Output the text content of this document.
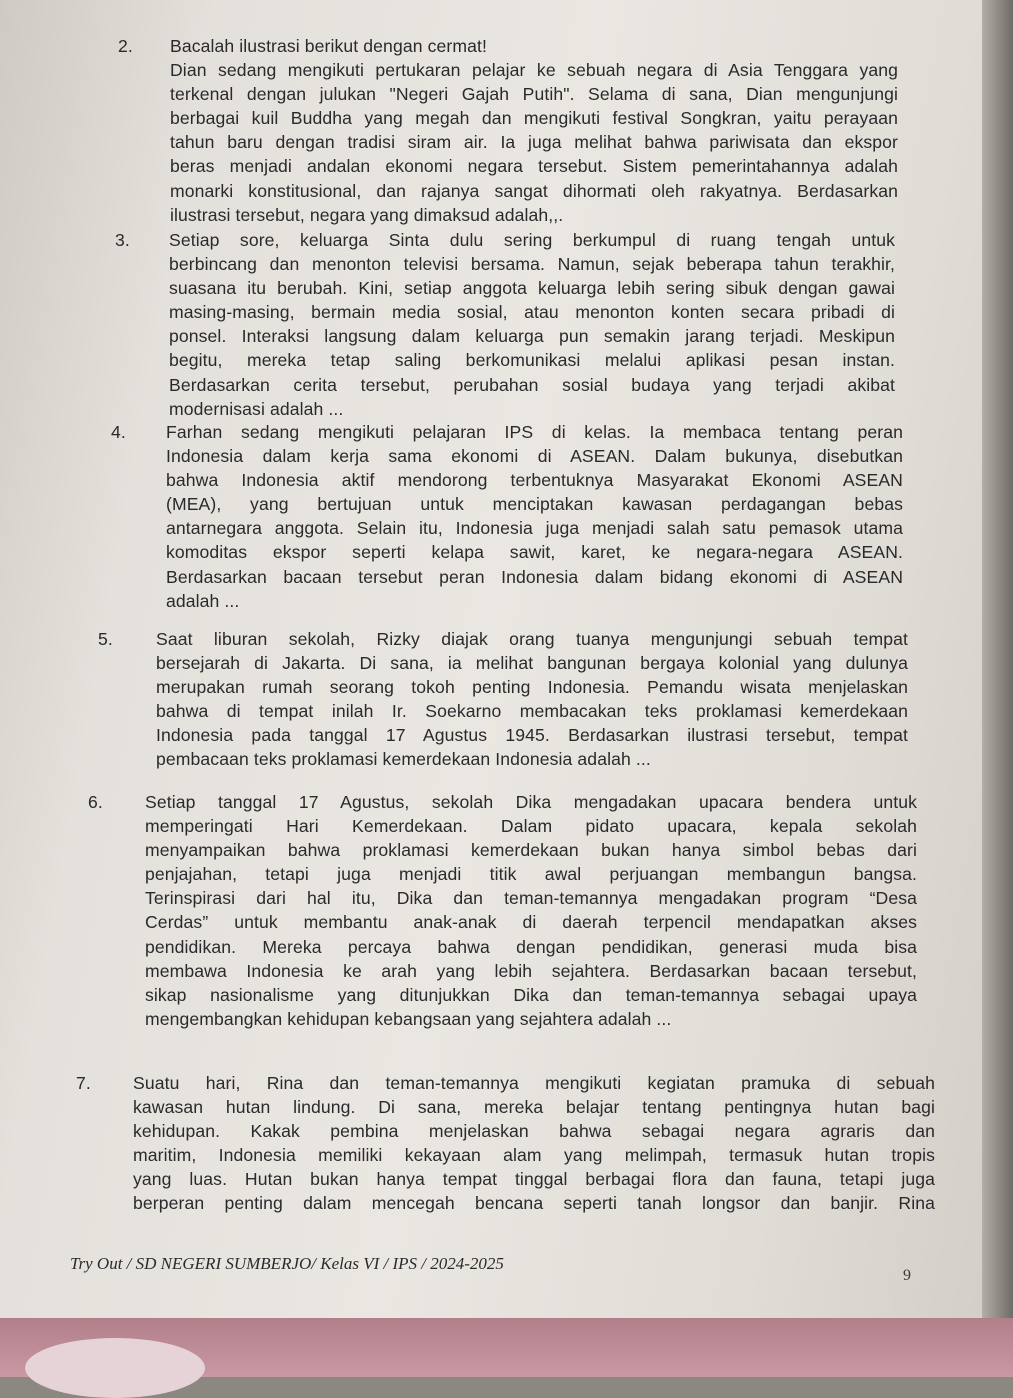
2. Bacalah ilustrasi berikut dengan cermat!
Dian sedang mengikuti pertukaran pelajar ke sebuah negara di Asia Tenggara yang
terkenal dengan julukan "Negeri Gajah Putih". Selama di sana, Dian mengunjungi
berbagai kuil Buddha yang megah dan mengikuti festival Songkran, yaitu perayaan
tahun baru dengan tradisi siram air. Ia juga melihat bahwa pariwisata dan ekspor
beras menjadi andalan ekonomi negara tersebut. Sistem pemerintahannya adalah
monarki konstitusional, dan rajanya sangat dihormati oleh rakyatnya. Berdasarkan
ilustrasi tersebut, negara yang dimaksud adalah,,.
3. Setiap sore, keluarga Sinta dulu sering berkumpul di ruang tengah untuk
berbincang dan menonton televisi bersama. Namun, sejak beberapa tahun terakhir,
suasana itu berubah. Kini, setiap anggota keluarga lebih sering sibuk dengan gawai
masing-masing, bermain media sosial, atau menonton konten secara pribadi di
ponsel. Interaksi langsung dalam keluarga pun semakin jarang terjadi. Meskipun
begitu, mereka tetap saling berkomunikasi melalui aplikasi pesan instan.
Berdasarkan cerita tersebut, perubahan sosial budaya yang terjadi akibat
modernisasi adalah ...
4. Farhan sedang mengikuti pelajaran IPS di kelas. Ia membaca tentang peran
Indonesia dalam kerja sama ekonomi di ASEAN. Dalam bukunya, disebutkan
bahwa Indonesia aktif mendorong terbentuknya Masyarakat Ekonomi ASEAN
(MEA), yang bertujuan untuk menciptakan kawasan perdagangan bebas
antarnegara anggota. Selain itu, Indonesia juga menjadi salah satu pemasok utama
komoditas ekspor seperti kelapa sawit, karet, ke negara-negara ASEAN.
Berdasarkan bacaan tersebut peran Indonesia dalam bidang ekonomi di ASEAN
adalah ...
5. Saat liburan sekolah, Rizky diajak orang tuanya mengunjungi sebuah tempat
bersejarah di Jakarta. Di sana, ia melihat bangunan bergaya kolonial yang dulunya
merupakan rumah seorang tokoh penting Indonesia. Pemandu wisata menjelaskan
bahwa di tempat inilah Ir. Soekarno membacakan teks proklamasi kemerdekaan
Indonesia pada tanggal 17 Agustus 1945. Berdasarkan ilustrasi tersebut, tempat
pembacaan teks proklamasi kemerdekaan Indonesia adalah ...
6. Setiap tanggal 17 Agustus, sekolah Dika mengadakan upacara bendera untuk
memperingati Hari Kemerdekaan. Dalam pidato upacara, kepala sekolah
menyampaikan bahwa proklamasi kemerdekaan bukan hanya simbol bebas dari
penjajahan, tetapi juga menjadi titik awal perjuangan membangun bangsa.
Terinspirasi dari hal itu, Dika dan teman-temannya mengadakan program “Desa
Cerdas” untuk membantu anak-anak di daerah terpencil mendapatkan akses
pendidikan. Mereka percaya bahwa dengan pendidikan, generasi muda bisa
membawa Indonesia ke arah yang lebih sejahtera. Berdasarkan bacaan tersebut,
sikap nasionalisme yang ditunjukkan Dika dan teman-temannya sebagai upaya
mengembangkan kehidupan kebangsaan yang sejahtera adalah ...
7. Suatu hari, Rina dan teman-temannya mengikuti kegiatan pramuka di sebuah
kawasan hutan lindung. Di sana, mereka belajar tentang pentingnya hutan bagi
kehidupan. Kakak pembina menjelaskan bahwa sebagai negara agraris dan
maritim, Indonesia memiliki kekayaan alam yang melimpah, termasuk hutan tropis
yang luas. Hutan bukan hanya tempat tinggal berbagai flora dan fauna, tetapi juga
berperan penting dalam mencegah bencana seperti tanah longsor dan banjir. Rina
Try Out / SD NEGERI SUMBERJO/ Kelas VI / IPS / 2024-2025
9
